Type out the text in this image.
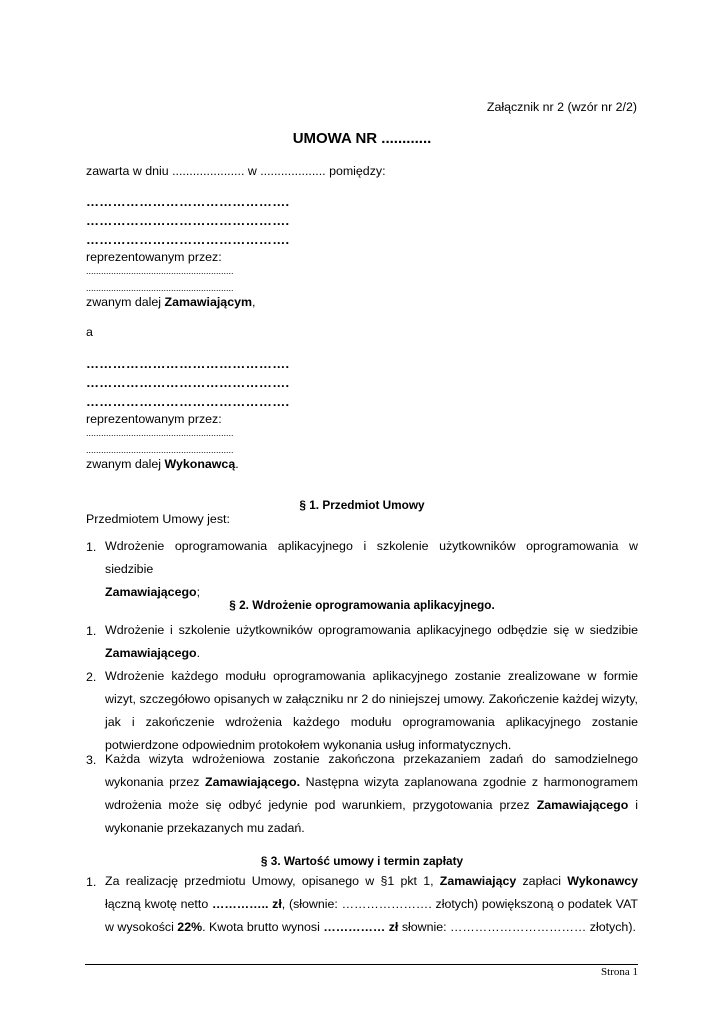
Załącznik nr 2 (wzór nr 2/2)
UMOWA NR ............
zawarta w dniu ..................... w ................... pomiędzy:
……………………………………….
……………………………………….
……………………………………….
reprezentowanym przez:
...........................................................
...........................................................
zwanym dalej Zamawiającym,
a
……………………………………….
……………………………………….
……………………………………….
reprezentowanym przez:
...........................................................
...........................................................
zwanym dalej Wykonawcą.
§ 1. Przedmiot Umowy
Przedmiotem Umowy jest:
1. Wdrożenie oprogramowania aplikacyjnego i szkolenie użytkowników oprogramowania w siedzibie
Zamawiającego;
§ 2. Wdrożenie oprogramowania aplikacyjnego.
1. Wdrożenie i szkolenie użytkowników oprogramowania aplikacyjnego odbędzie się w siedzibie
Zamawiającego.
2. Wdrożenie każdego modułu oprogramowania aplikacyjnego zostanie zrealizowane w formie
wizyt, szczegółowo opisanych w załączniku nr 2 do niniejszej umowy. Zakończenie każdej wizyty,
jak i zakończenie wdrożenia każdego modułu oprogramowania aplikacyjnego zostanie
potwierdzone odpowiednim protokołem wykonania usług informatycznych.
3. Każda wizyta wdrożeniowa zostanie zakończona przekazaniem zadań do samodzielnego
wykonania przez Zamawiającego. Następna wizyta zaplanowana zgodnie z harmonogramem
wdrożenia może się odbyć jedynie pod warunkiem, przygotowania przez Zamawiającego i
wykonanie przekazanych mu zadań.
§ 3. Wartość umowy i termin zapłaty
1. Za realizację przedmiotu Umowy, opisanego w §1 pkt 1, Zamawiający zapłaci Wykonawcy
łączną kwotę netto ………….. zł, (słownie: …………………. złotych) powiększoną o podatek VAT
w wysokości 22%. Kwota brutto wynosi …………… zł słownie: …………………………… złotych).
Strona 1
